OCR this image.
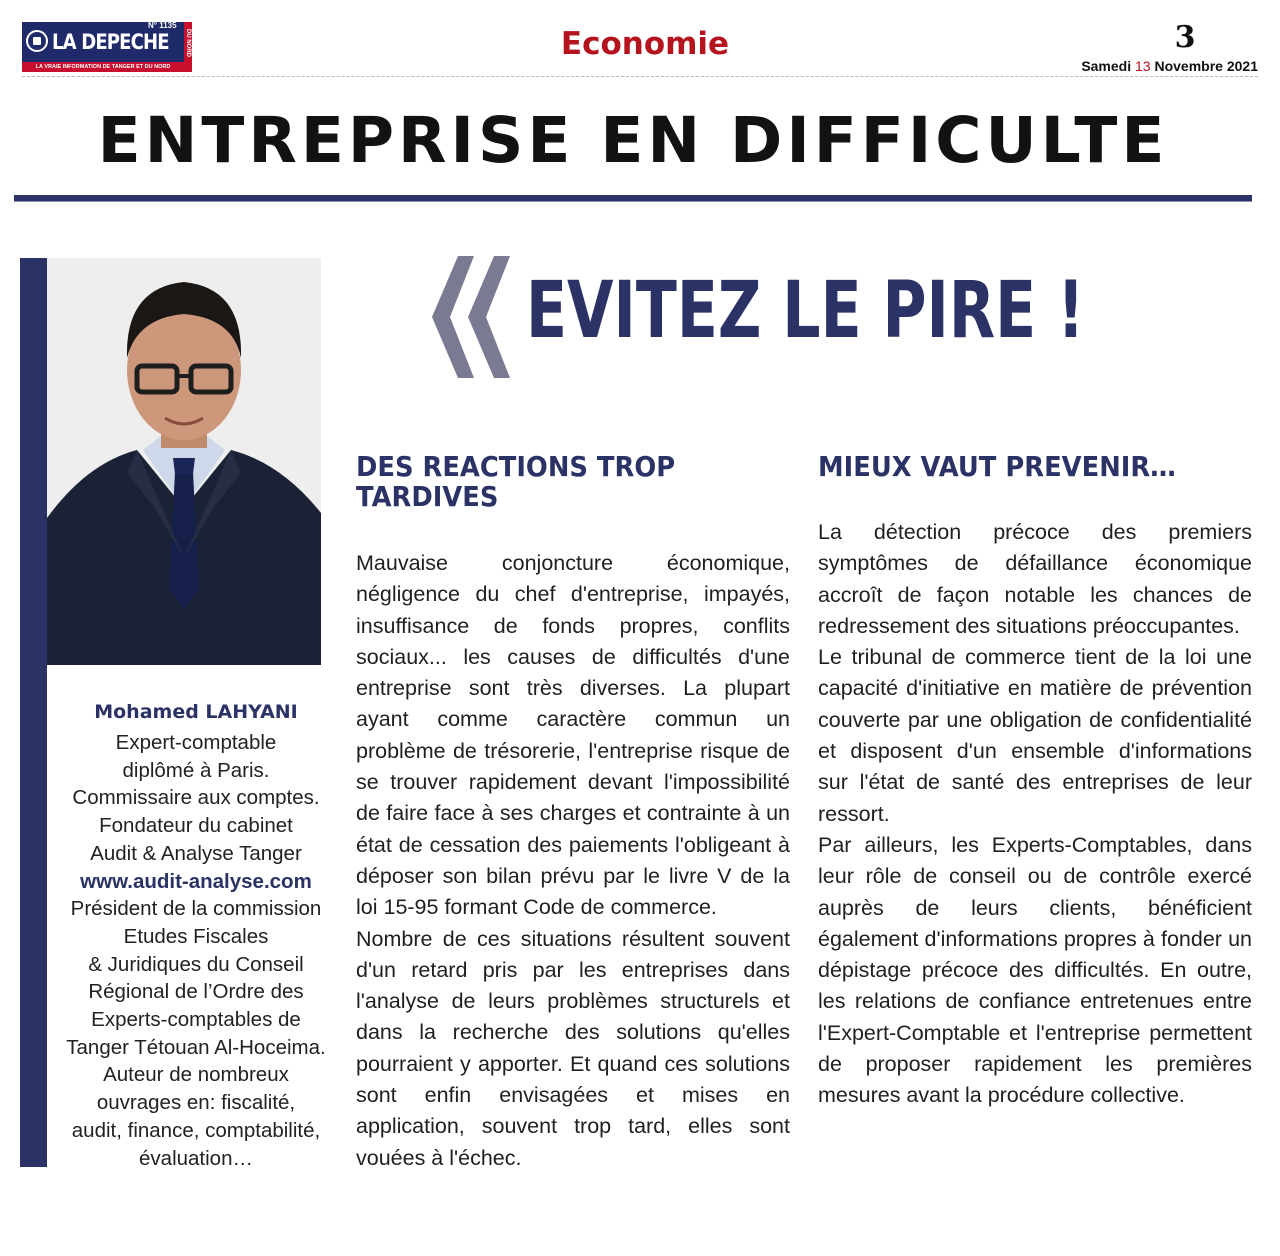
LA DEPECHE
N° 1135
DU NORD
LA VRAIE INFORMATION DE TANGER ET DU NORD
Economie	3
Samedi 13 Novembre 2021
ENTREPRISE EN DIFFICULTE
Mohamed LAHYANI
Expert-comptable
diplômé à Paris.
Commissaire aux comptes.
Fondateur du cabinet
Audit & Analyse Tanger
www.audit-analyse.com
Président de la commission
Etudes Fiscales
& Juridiques du Conseil
Régional de l’Ordre des
Experts-comptables de
Tanger Tétouan Al-Hoceima.
Auteur de nombreux
ouvrages en: fiscalité,
audit, finance, comptabilité,
évaluation…
EVITEZ LE PIRE !
DES REACTIONS TROP
TARDIVES

Mauvaise conjoncture économique, négligence du chef d'entreprise, impayés, insuffisance de fonds propres, conflits sociaux... les causes de difficultés d'une entreprise sont très diverses. La plupart ayant comme caractère commun un problème de trésorerie, l'entreprise risque de se trouver rapidement devant l'impossibilité de faire face à ses charges et contrainte à un état de cessation des paiements l'obligeant à déposer son bilan prévu par le livre V de la loi 15-95 formant Code de commerce.

Nombre de ces situations résultent souvent d'un retard pris par les entreprises dans l'analyse de leurs problèmes structurels et dans la recherche des solutions qu'elles pourraient y apporter. Et quand ces solutions sont enfin envisagées et mises en application, souvent trop tard, elles sont vouées à l'échec.

MIEUX VAUT PREVENIR…

La détection précoce des premiers symptômes de défaillance économique accroît de façon notable les chances de redressement des situations préoccupantes.

Le tribunal de commerce tient de la loi une capacité d'initiative en matière de prévention couverte par une obligation de confidentialité et disposent d'un ensemble d'informations sur l'état de santé des entreprises de leur ressort.

Par ailleurs, les Experts-Comptables, dans leur rôle de conseil ou de contrôle exercé auprès de leurs clients, bénéficient également d'informations propres à fonder un dépistage précoce des difficultés. En outre, les relations de confiance entretenues entre l'Expert-Comptable et l'entreprise permettent de proposer rapidement les premières mesures avant la procédure collective.
